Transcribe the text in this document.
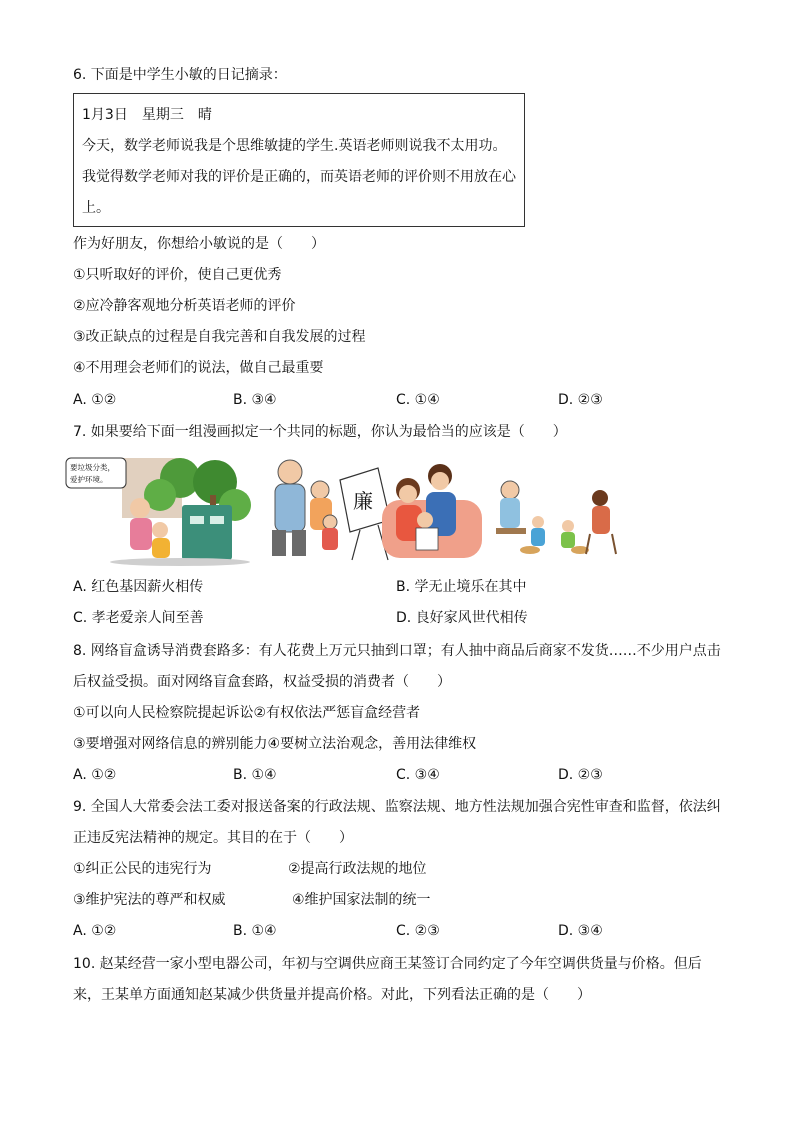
6. 下面是中学生小敏的日记摘录：
1月3日　星期三　晴
今天，数学老师说我是个思维敏捷的学生.英语老师则说我不太用功。
我觉得数学老师对我的评价是正确的，而英语老师的评价则不用放在心
上。
作为好朋友，你想给小敏说的是（　　）
①只听取好的评价，使自己更优秀
②应冷静客观地分析英语老师的评价
③改正缺点的过程是自我完善和自我发展的过程
④不用理会老师们的说法，做自己最重要
A. ①②	B. ③④	C. ①④	D. ②③
7. 如果要给下面一组漫画拟定一个共同的标题，你认为最恰当的应该是（　　）
要垃圾分类，
爱护环境。
廉
A. 红色基因薪火相传	B. 学无止境乐在其中
C. 孝老爱亲人间至善	D. 良好家风世代相传
8. 网络盲盒诱导消费套路多：有人花费上万元只抽到口罩；有人抽中商品后商家不发货……不少用户点击
后权益受损。面对网络盲盒套路，权益受损的消费者（　　）
①可以向人民检察院提起诉讼②有权依法严惩盲盒经营者
③要增强对网络信息的辨别能力④要树立法治观念，善用法律维权
A. ①②	B. ①④	C. ③④	D. ②③
9. 全国人大常委会法工委对报送备案的行政法规、监察法规、地方性法规加强合宪性审查和监督，依法纠
正违反宪法精神的规定。其目的在于（　　）
①纠正公民的违宪行为	②提高行政法规的地位
③维护宪法的尊严和权威	④维护国家法制的统一
A. ①②	B. ①④	C. ②③	D. ③④
10. 赵某经营一家小型电器公司，年初与空调供应商王某签订合同约定了今年空调供货量与价格。但后
来，王某单方面通知赵某减少供货量并提高价格。对此，下列看法正确的是（　　）
